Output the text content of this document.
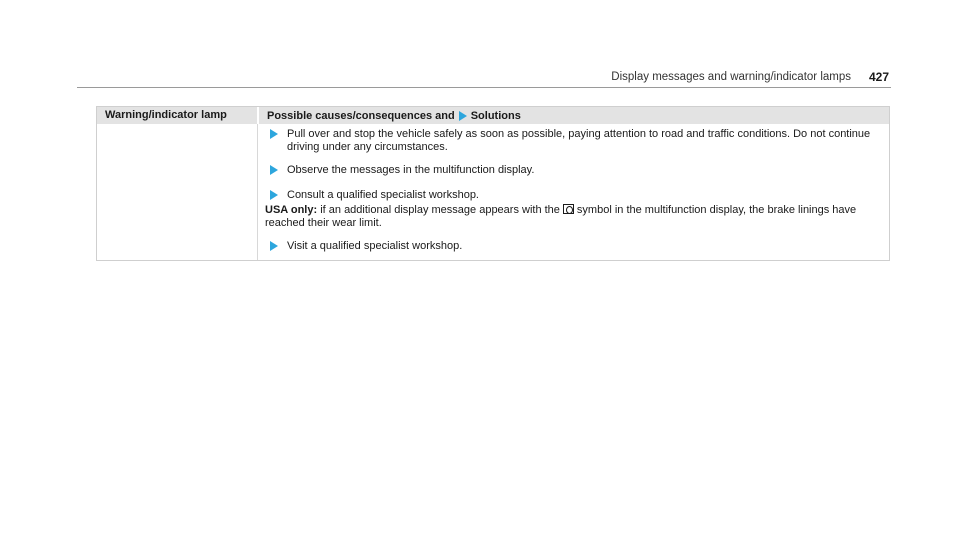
Display messages and warning/indicator lamps 427
Warning/indicator lamp	Possible causes/consequences and Solutions
Pull over and stop the vehicle safely as soon as possible, paying attention to road and traffic conditions. Do not continue driving under any circumstances.
Observe the messages in the multifunction display.
Consult a qualified specialist workshop.
USA only: if an additional display message appears with the symbol in the multifunction display, the brake linings have reached their wear limit.
Visit a qualified specialist workshop.
